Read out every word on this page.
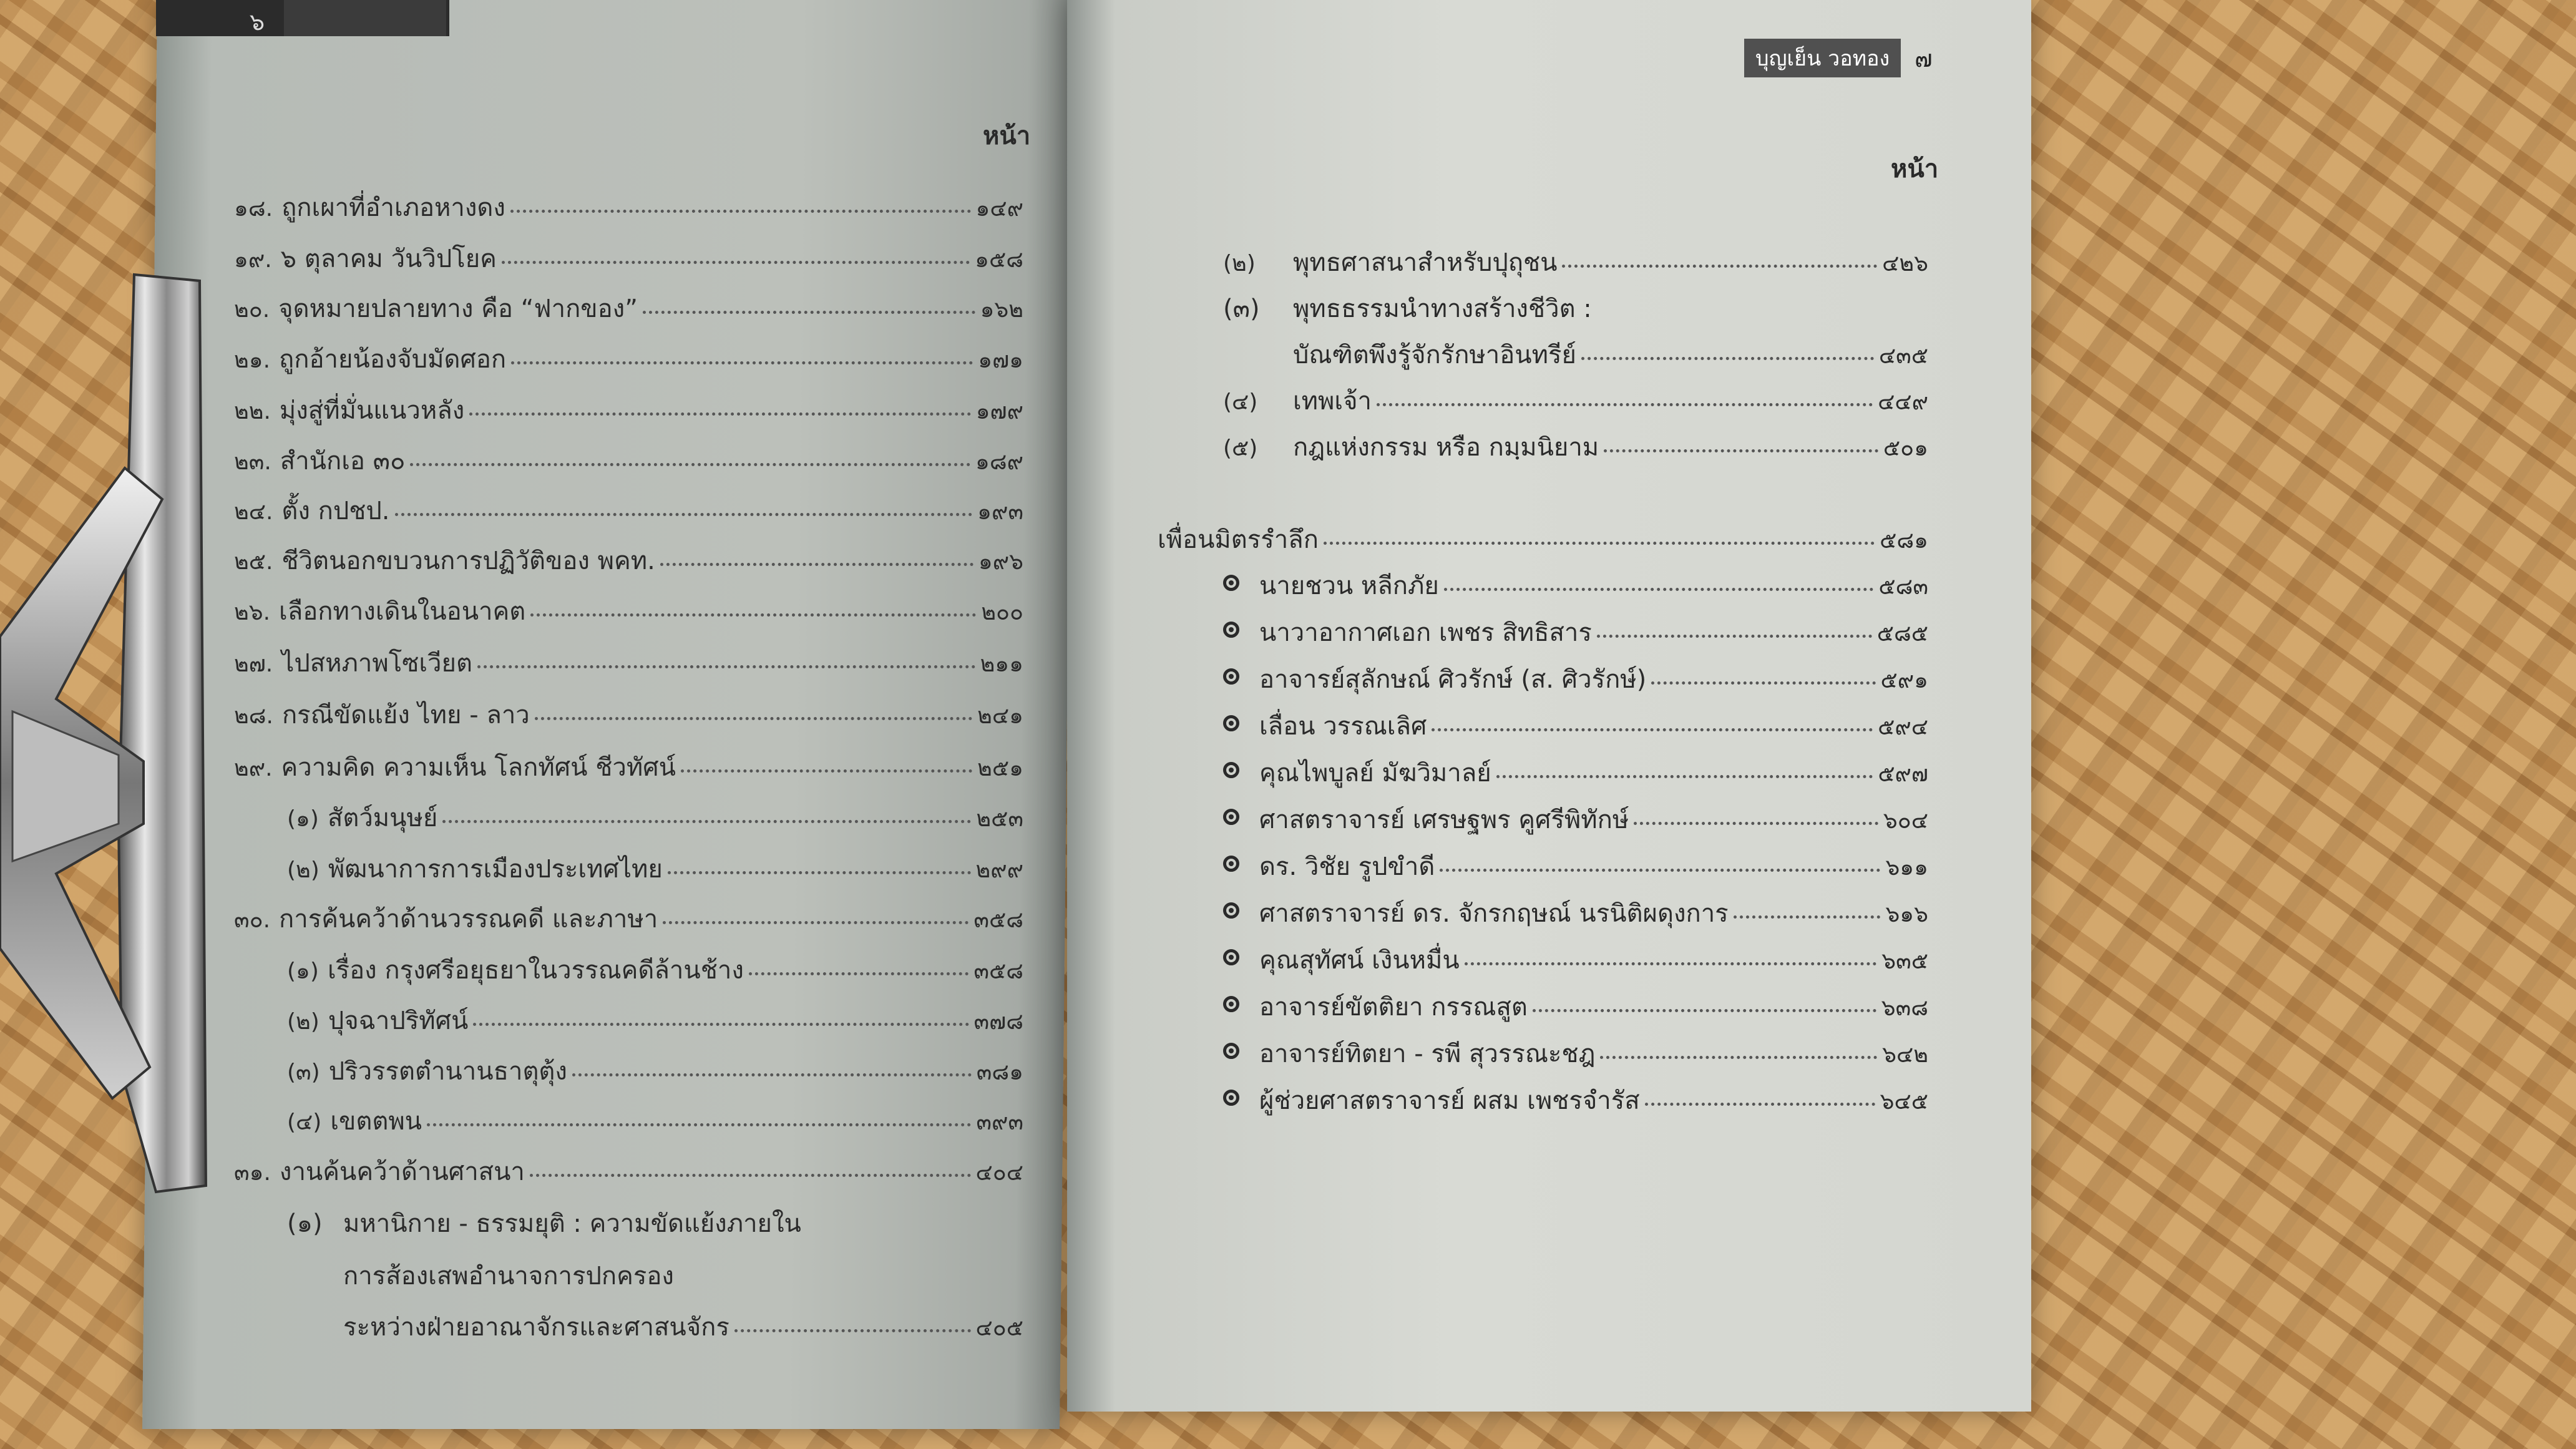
๖
บุญเย็น วอทอง	๗
หน้า
หน้า
๑๘. ถูกเผาที่อำเภอหางดง	๑๔๙
๑๙. ๖ ตุลาคม วันวิปโยค	๑๕๘
๒๐. จุดหมายปลายทาง คือ “ฟากของ”	๑๖๒
๒๑. ถูกอ้ายน้องจับมัดศอก	๑๗๑
๒๒. มุ่งสู่ที่มั่นแนวหลัง	๑๗๙
๒๓. สำนักเอ ๓๐	๑๘๙
๒๔. ตั้ง กปชป.	๑๙๓
๒๕. ชีวิตนอกขบวนการปฏิวัติของ พคท.	๑๙๖
๒๖. เลือกทางเดินในอนาคต	๒๐๐
๒๗. ไปสหภาพโซเวียต	๒๑๑
๒๘. กรณีขัดแย้ง ไทย - ลาว	๒๔๑
๒๙. ความคิด ความเห็น โลกทัศน์ ชีวทัศน์	๒๕๑
(๑) สัตว์มนุษย์	๒๕๓
(๒) พัฒนาการการเมืองประเทศไทย	๒๙๙
๓๐. การค้นคว้าด้านวรรณคดี และภาษา	๓๕๘
(๑) เรื่อง กรุงศรีอยุธยาในวรรณคดีล้านช้าง	๓๕๘
(๒) ปุจฉาปริทัศน์	๓๗๘
(๓) ปริวรรตตำนานธาตุตุ้ง	๓๘๑
(๔) เขตตพน	๓๙๓
๓๑. งานค้นคว้าด้านศาสนา	๔๐๔
(๑) มหานิกาย - ธรรมยุติ : ความขัดแย้งภายใน
การส้องเสพอำนาจการปกครอง
ระหว่างฝ่ายอาณาจักรและศาสนจักร	๔๐๕
(๒)	พุทธศาสนาสำหรับปุถุชน	๔๒๖
(๓) พุทธธรรมนำทางสร้างชีวิต :
บัณฑิตพึงรู้จักรักษาอินทรีย์	๔๓๕
(๔)	เทพเจ้า	๔๔๙
(๕)	กฎแห่งกรรม หรือ กมฺมนิยาม	๕๐๑
เพื่อนมิตรรำลึก	๕๘๑
นายชวน หลีกภัย	๕๘๓
นาวาอากาศเอก เพชร สิทธิสาร	๕๘๕
อาจารย์สุลักษณ์ ศิวรักษ์ (ส. ศิวรักษ์)	๕๙๑
เลื่อน วรรณเลิศ	๕๙๔
คุณไพบูลย์ มัฆวิมาลย์	๕๙๗
ศาสตราจารย์ เศรษฐพร คูศรีพิทักษ์	๖๐๔
ดร. วิชัย รูปขำดี	๖๑๑
ศาสตราจารย์ ดร. จักรกฤษณ์ นรนิติผดุงการ	๖๑๖
คุณสุทัศน์ เงินหมื่น	๖๓๕
อาจารย์ขัตติยา กรรณสูต	๖๓๘
อาจารย์ทิตยา - รพี สุวรรณะชฎ	๖๔๒
ผู้ช่วยศาสตราจารย์ ผสม เพชรจำรัส	๖๔๕
